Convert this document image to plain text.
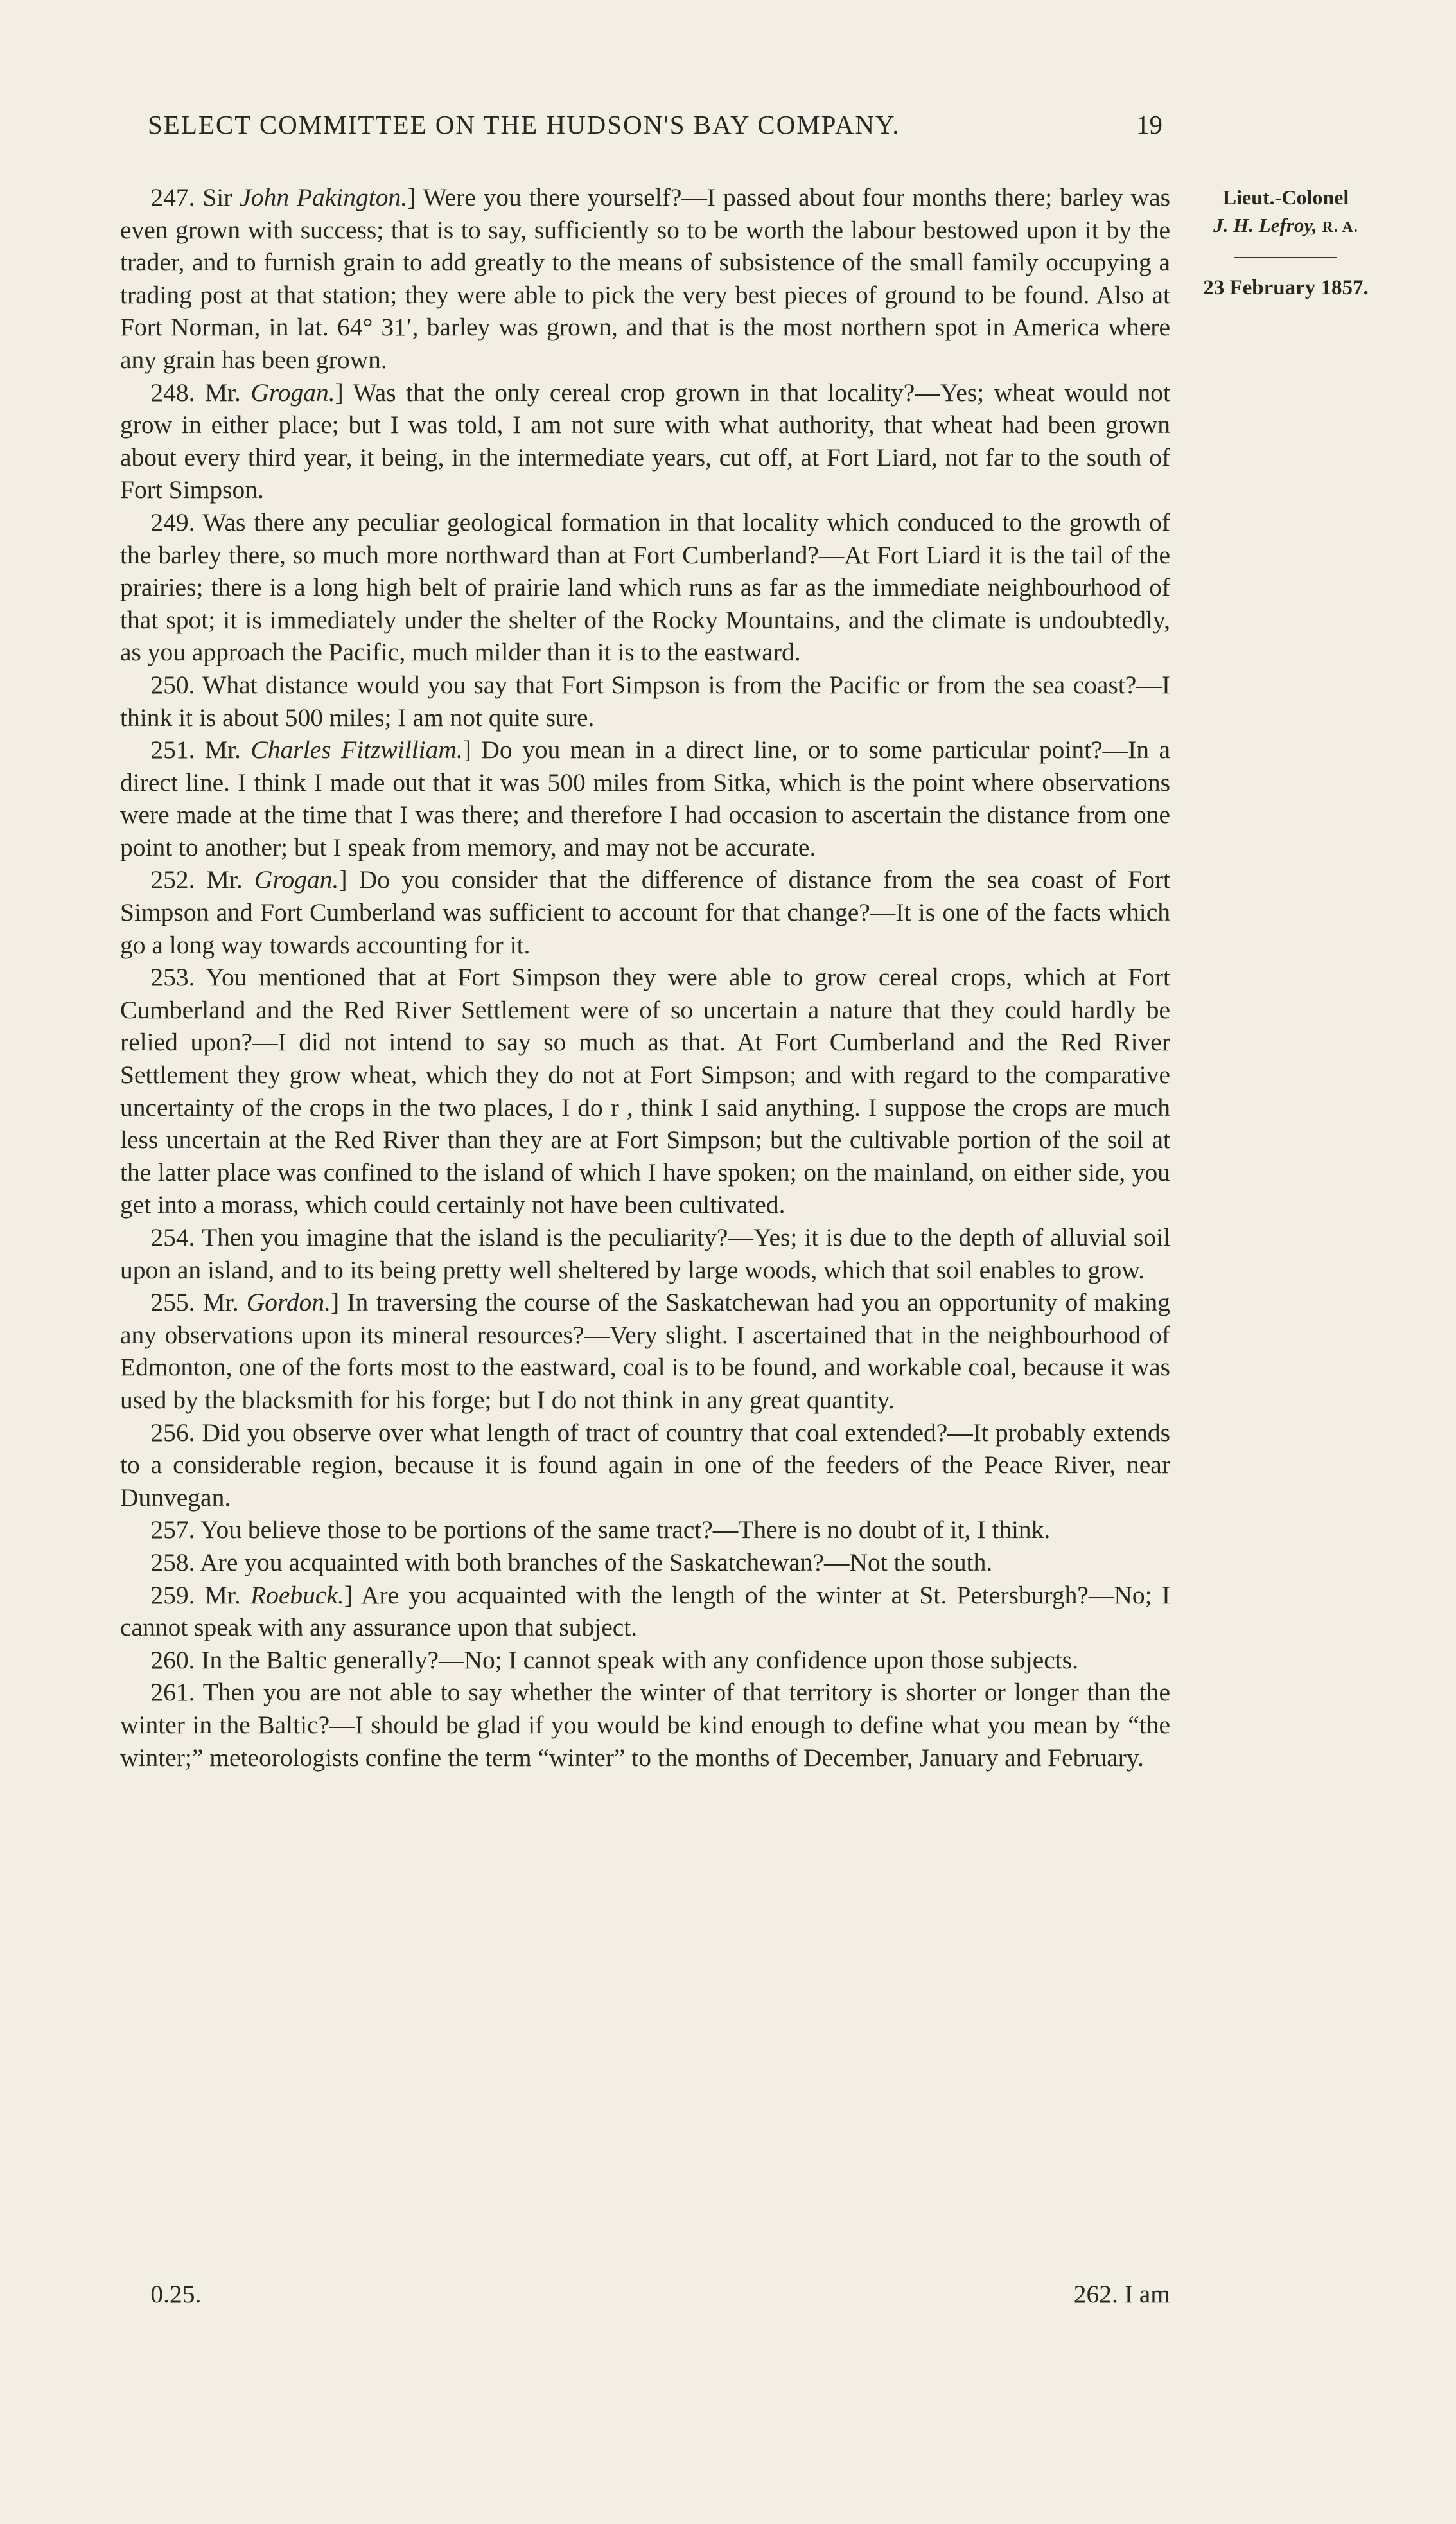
SELECT COMMITTEE ON THE HUDSON'S BAY COMPANY.	19
Lieut.-Colonel
J. H. Lefroy, R. A.
23 February 1857.

247. Sir John Pakington.] Were you there yourself?—I passed about four months there; barley was even grown with success; that is to say, sufficiently so to be worth the labour bestowed upon it by the trader, and to furnish grain to add greatly to the means of subsistence of the small family occupying a trading post at that station; they were able to pick the very best pieces of ground to be found. Also at Fort Norman, in lat. 64° 31′, barley was grown, and that is the most northern spot in America where any grain has been grown.

248. Mr. Grogan.] Was that the only cereal crop grown in that locality?—Yes; wheat would not grow in either place; but I was told, I am not sure with what authority, that wheat had been grown about every third year, it being, in the intermediate years, cut off, at Fort Liard, not far to the south of Fort Simpson.

249. Was there any peculiar geological formation in that locality which conduced to the growth of the barley there, so much more northward than at Fort Cumberland?—At Fort Liard it is the tail of the prairies; there is a long high belt of prairie land which runs as far as the immediate neighbourhood of that spot; it is immediately under the shelter of the Rocky Mountains, and the climate is undoubtedly, as you approach the Pacific, much milder than it is to the eastward.

250. What distance would you say that Fort Simpson is from the Pacific or from the sea coast?—I think it is about 500 miles; I am not quite sure.

251. Mr. Charles Fitzwilliam.] Do you mean in a direct line, or to some particular point?—In a direct line. I think I made out that it was 500 miles from Sitka, which is the point where observations were made at the time that I was there; and therefore I had occasion to ascertain the distance from one point to another; but I speak from memory, and may not be accurate.

252. Mr. Grogan.] Do you consider that the difference of distance from the sea coast of Fort Simpson and Fort Cumberland was sufficient to account for that change?—It is one of the facts which go a long way towards accounting for it.

253. You mentioned that at Fort Simpson they were able to grow cereal crops, which at Fort Cumberland and the Red River Settlement were of so uncertain a nature that they could hardly be relied upon?—I did not intend to say so much as that. At Fort Cumberland and the Red River Settlement they grow wheat, which they do not at Fort Simpson; and with regard to the comparative uncertainty of the crops in the two places, I do r , think I said anything. I suppose the crops are much less uncertain at the Red River than they are at Fort Simpson; but the cultivable portion of the soil at the latter place was confined to the island of which I have spoken; on the mainland, on either side, you get into a morass, which could certainly not have been cultivated.

254. Then you imagine that the island is the peculiarity?—Yes; it is due to the depth of alluvial soil upon an island, and to its being pretty well sheltered by large woods, which that soil enables to grow.

255. Mr. Gordon.] In traversing the course of the Saskatchewan had you an opportunity of making any observations upon its mineral resources?—Very slight. I ascertained that in the neighbourhood of Edmonton, one of the forts most to the eastward, coal is to be found, and workable coal, because it was used by the blacksmith for his forge; but I do not think in any great quantity.

256. Did you observe over what length of tract of country that coal extended?—It probably extends to a considerable region, because it is found again in one of the feeders of the Peace River, near Dunvegan.

257. You believe those to be portions of the same tract?—There is no doubt of it, I think.

258. Are you acquainted with both branches of the Saskatchewan?—Not the south.

259. Mr. Roebuck.] Are you acquainted with the length of the winter at St. Petersburgh?—No; I cannot speak with any assurance upon that subject.

260. In the Baltic generally?—No; I cannot speak with any confidence upon those subjects.

261. Then you are not able to say whether the winter of that territory is shorter or longer than the winter in the Baltic?—I should be glad if you would be kind enough to define what you mean by “the winter;” meteorologists confine the term “winter” to the months of December, January and February.

0.25.	262. I am
